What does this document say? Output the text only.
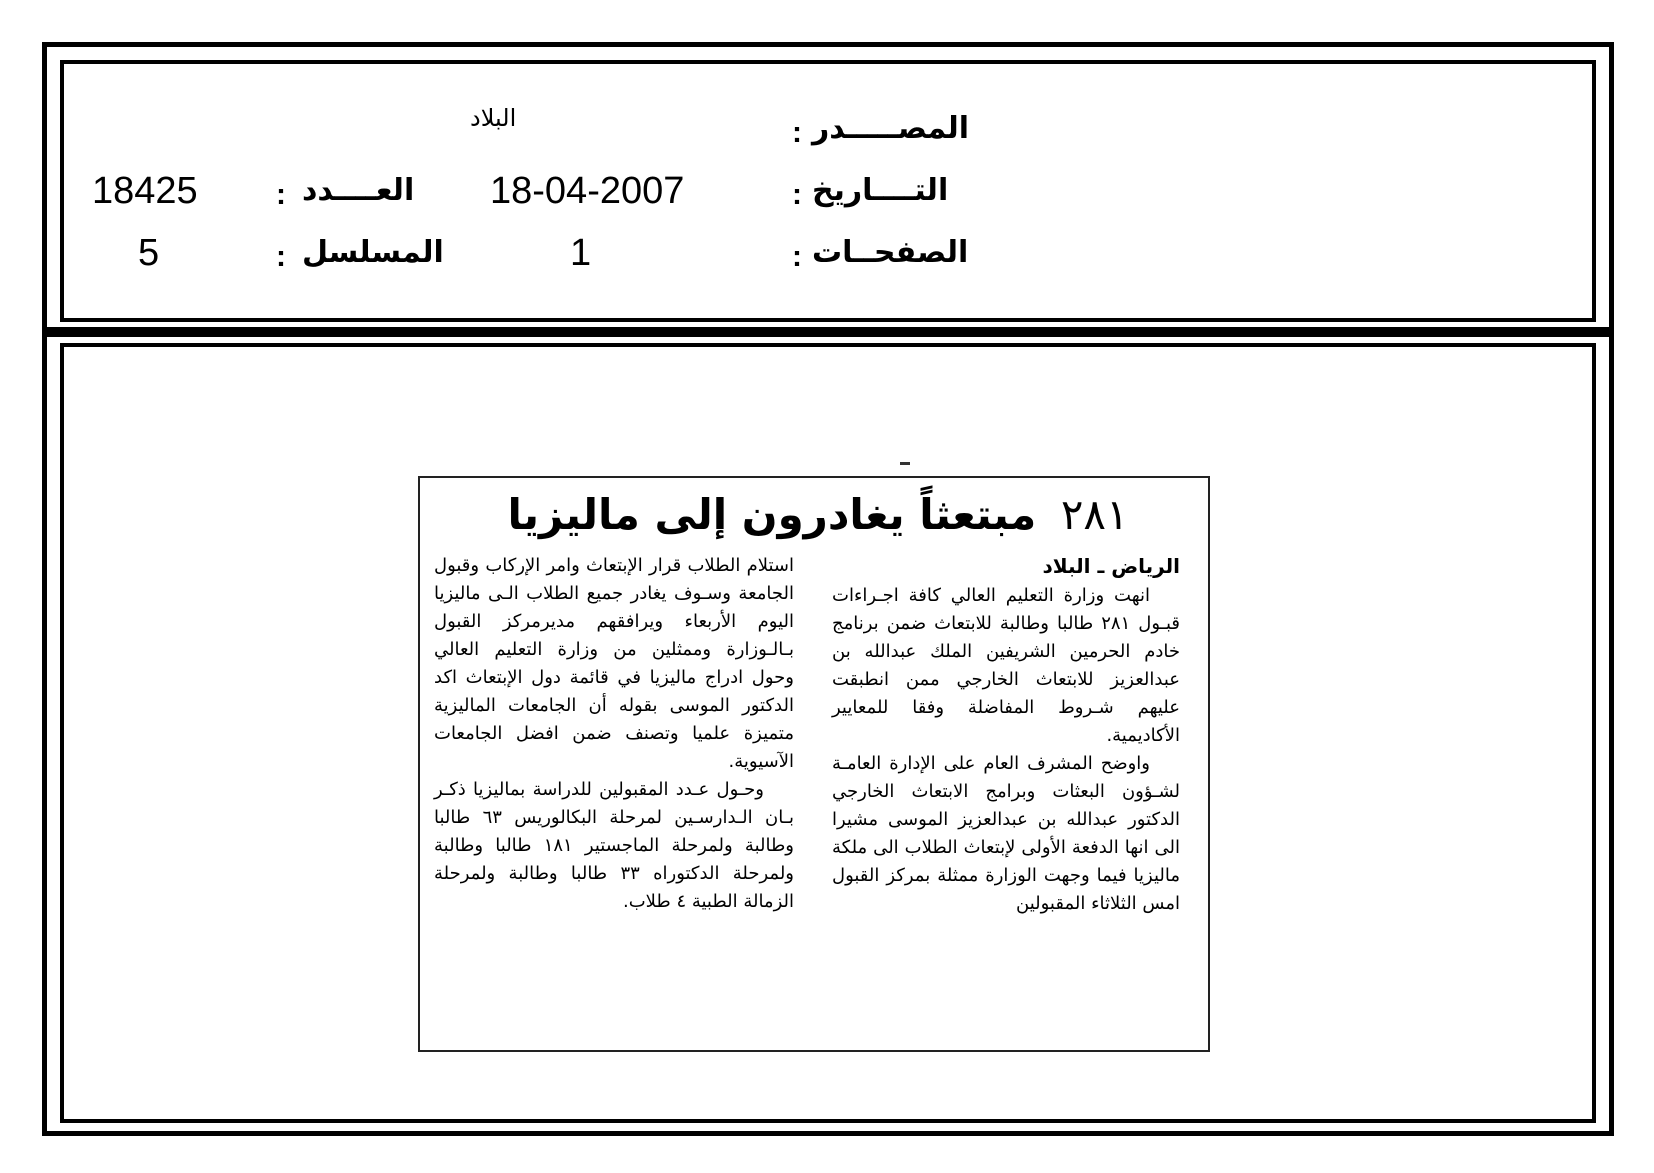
المصـــــدر
:
البلاد
التــــاريخ
:
18-04-2007
العــــدد
:
18425
الصفحــات
:
1
المسلسل
:
5
٢٨١ مبتعثاً يغادرون إلى ماليزيا
الرياض ـ البلاد

انهت وزارة التعليم العالي كافة اجـراءات قبـول ٢٨١ طالبا وطالبة للابتعاث ضمن برنامج خادم الحرمين الشريفين الملك عبدالله بن عبدالعزيز للابتعاث الخارجي ممن انطبقت عليهم شـروط المفاضلة وفقا للمعايير الأكاديمية.

واوضح المشرف العام على الإدارة العامـة لشـؤون البعثات وبرامج الابتعاث الخارجي الدكتور عبدالله بن عبدالعزيز الموسى مشيرا الى انها الدفعة الأولى لإبتعاث الطلاب الى ملكة ماليزيا فيما وجهت الوزارة ممثلة بمركز القبول امس الثلاثاء المقبولين

استلام الطلاب قرار الإبتعاث وامر الإركاب وقبول الجامعة وسـوف يغادر جميع الطلاب الـى ماليزيا اليوم الأربعاء ويرافقهم مديرمركز القبول بـالـوزارة وممثلين من وزارة التعليم العالي وحول ادراج ماليزيا في قائمة دول الإبتعاث اكد الدكتور الموسى بقوله أن الجامعات الماليزية متميزة علميا وتصنف ضمن افضل الجامعات الآسيوية.

وحـول عـدد المقبولين للدراسة بماليزيا ذكـر بـان الـدارسـين لمرحلة البكالوريس ٦٣ طالبا وطالبة ولمرحلة الماجستير ١٨١ طالبا وطالبة ولمرحلة الدكتوراه ٣٣ طالبا وطالبة ولمرحلة الزمالة الطبية ٤ طلاب.
